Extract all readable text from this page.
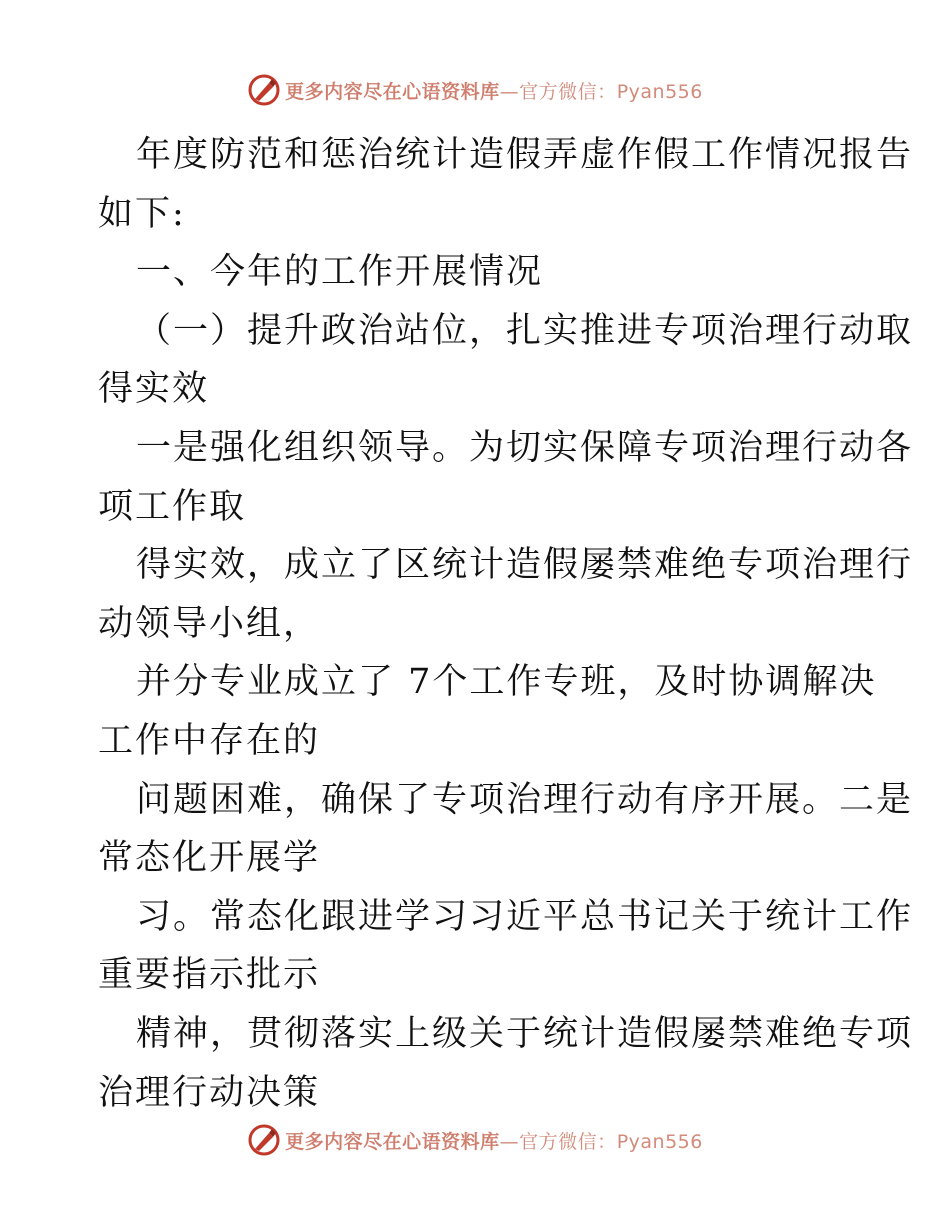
更多内容尽在心语资料库—官方微信：Pyan556
年度防范和惩治统计造假弄虚作假工作情况报告
如下:
一、今年的工作开展情况
（一）提升政治站位，扎实推进专项治理行动取
得实效
一是强化组织领导。为切实保障专项治理行动各
项工作取
得实效，成立了区统计造假屡禁难绝专项治理行
动领导小组，
并分专业成立了 7个工作专班，及时协调解决
工作中存在的
问题困难，确保了专项治理行动有序开展。二是
常态化开展学
习。常态化跟进学习习近平总书记关于统计工作
重要指示批示
精神，贯彻落实上级关于统计造假屡禁难绝专项
治理行动决策
更多内容尽在心语资料库—官方微信：Pyan556
